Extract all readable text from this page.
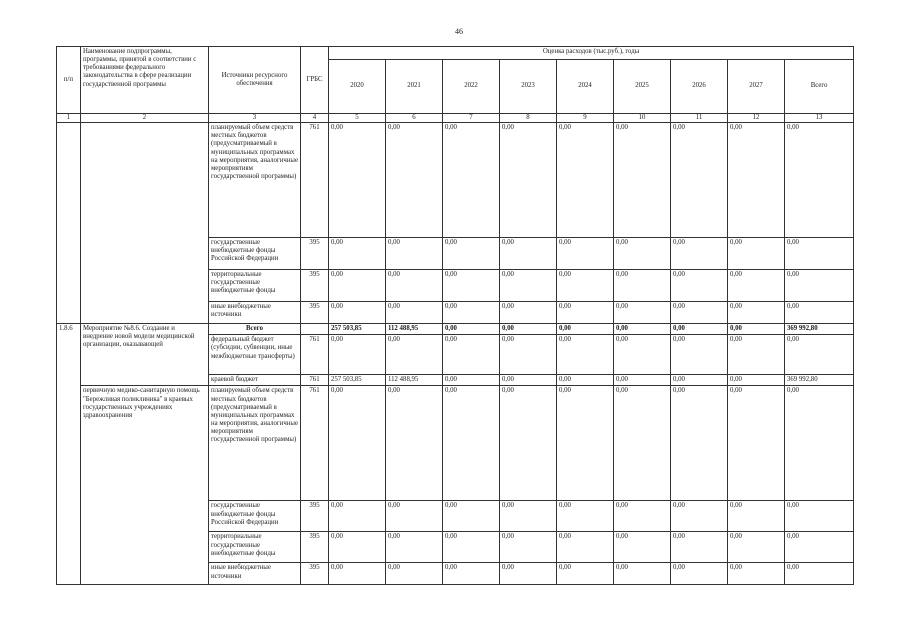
46
п/п	Наименование подпрограммы, программы, принятой в соответствии с требованиями федерального законодательства в сфере реализации государственной программы	Источники ресурсного обеспечения	ГРБС	Оценка расходов (тыс.руб.), годы								
				2020	2021	2022	2023	2024	2025	2026	2027	Всего
1	2	3	4	5	6	7	8	9	10	11	12	13
		планируемый объем средств местных бюджетов (предусматриваемый в муниципальных программах на мероприятия, аналогичные мероприятиям государственной программы)	761	0,00	0,00	0,00	0,00	0,00	0,00	0,00	0,00	0,00
		государственные внебюджетные фонды Российской Федерации	395	0,00	0,00	0,00	0,00	0,00	0,00	0,00	0,00	0,00
		территориальные государственные внебюджетные фонды	395	0,00	0,00	0,00	0,00	0,00	0,00	0,00	0,00	0,00
		иные внебюджетные источники	395	0,00	0,00	0,00	0,00	0,00	0,00	0,00	0,00	0,00
1.8.6	Мероприятие №8.6. Создание и внедрение новой модели медицинской организации, оказывающей	Всего		257 503,85	112 488,95	0,00	0,00	0,00	0,00	0,00	0,00	369 992,80
		федеральный бюджет (субсидии, субвенции, иные межбюджетные трансферты)	761	0,00	0,00	0,00	0,00	0,00	0,00	0,00	0,00	0,00
		краевой бюджет	761	257 503,85	112 488,95	0,00	0,00	0,00	0,00	0,00	0,00	369 992,80
	первичную медико-санитарную помощь "Бережливая поликлиника" в краевых государственных учреждениях здравоохранения	планируемый объем средств местных бюджетов (предусматриваемый в муниципальных программах на мероприятия, аналогичные мероприятиям государственной программы)	761	0,00	0,00	0,00	0,00	0,00	0,00	0,00	0,00	0,00
		государственные внебюджетные фонды Российской Федерации	395	0,00	0,00	0,00	0,00	0,00	0,00	0,00	0,00	0,00
		территориальные государственные внебюджетные фонды	395	0,00	0,00	0,00	0,00	0,00	0,00	0,00	0,00	0,00
		иные внебюджетные источники	395	0,00	0,00	0,00	0,00	0,00	0,00	0,00	0,00	0,00
